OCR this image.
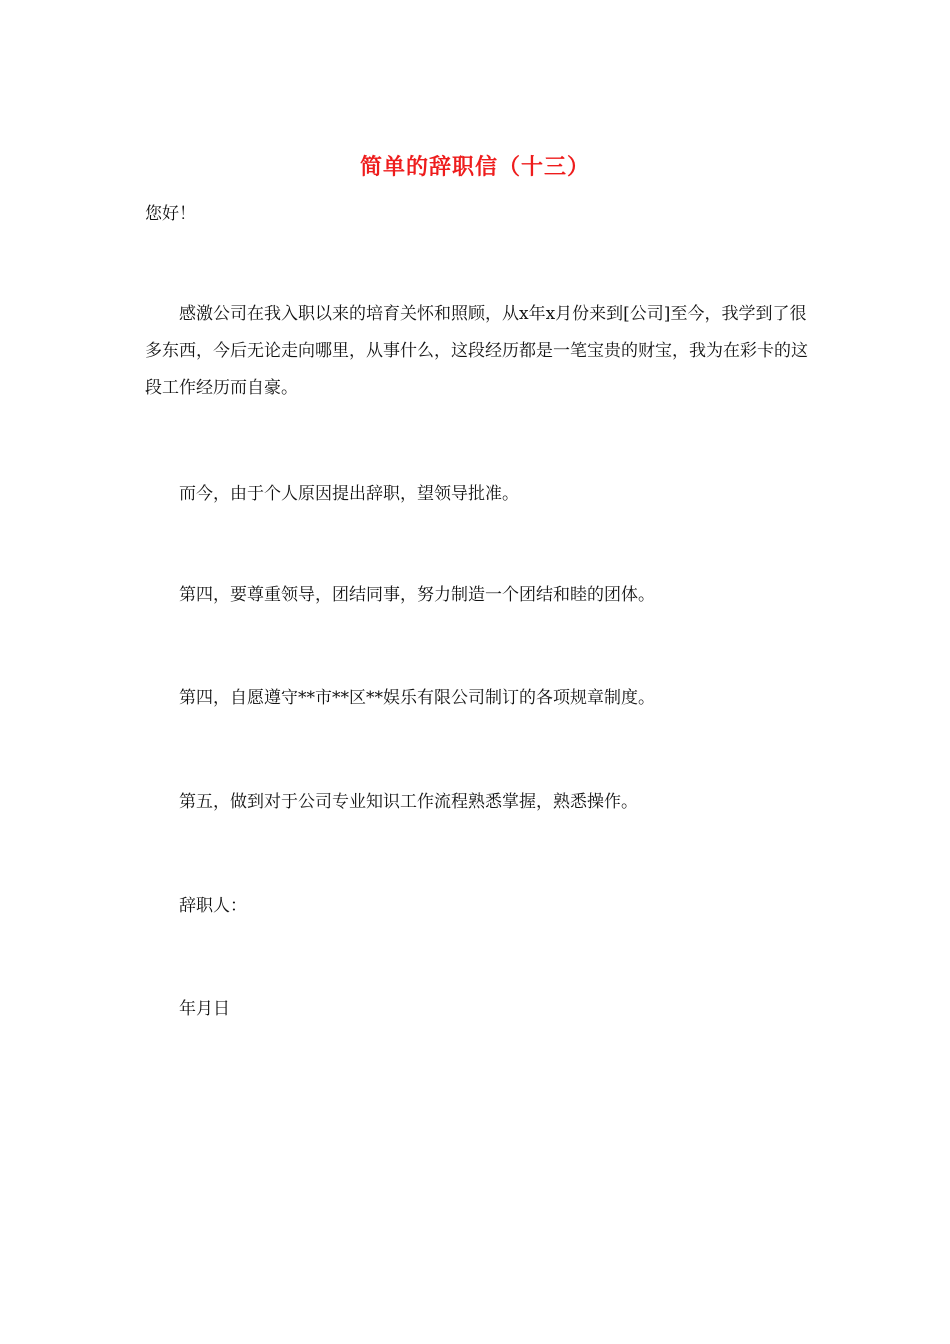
简单的辞职信（十三）

您好！

感激公司在我入职以来的培育关怀和照顾，从x年x月份来到[公司]至今，我学到了很多东西，今后无论走向哪里，从事什么，这段经历都是一笔宝贵的财宝，我为在彩卡的这段工作经历而自豪。

而今，由于个人原因提出辞职，望领导批准。

第四，要尊重领导，团结同事，努力制造一个团结和睦的团体。

第四，自愿遵守**市**区**娱乐有限公司制订的各项规章制度。

第五，做到对于公司专业知识工作流程熟悉掌握，熟悉操作。

辞职人：

年月日
